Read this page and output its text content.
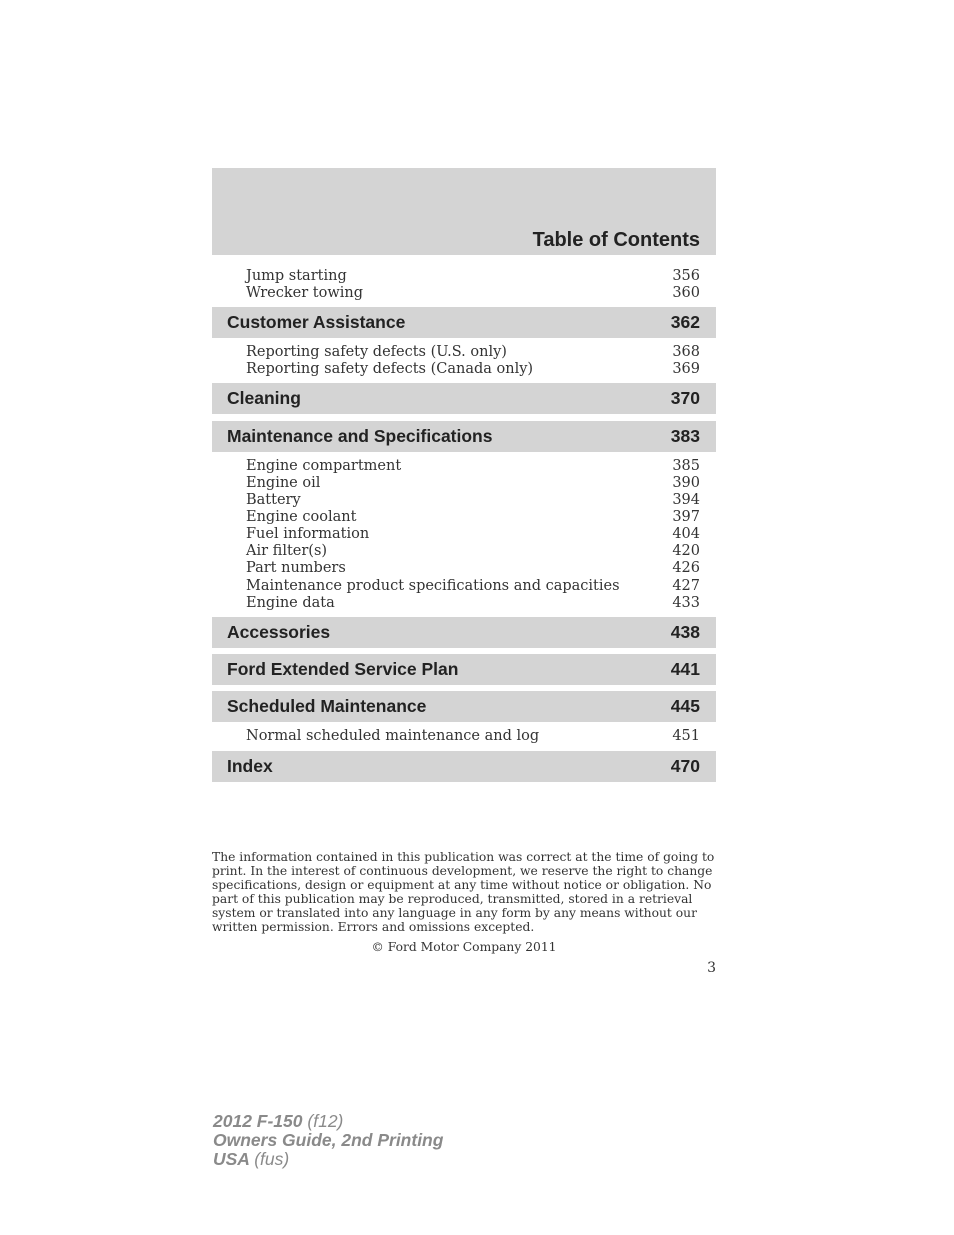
Table of Contents
Jump starting	356
Wrecker towing	360
Customer Assistance	362
Reporting safety defects (U.S. only)	368
Reporting safety defects (Canada only)	369
Cleaning	370
Maintenance and Specifications	383
Engine compartment	385
Engine oil	390
Battery	394
Engine coolant	397
Fuel information	404
Air filter(s)	420
Part numbers	426
Maintenance product specifications and capacities	427
Engine data	433
Accessories	438
Ford Extended Service Plan	441
Scheduled Maintenance	445
Normal scheduled maintenance and log	451
Index	470
The information contained in this publication was correct at the time of going to
print. In the interest of continuous development, we reserve the right to change
specifications, design or equipment at any time without notice or obligation. No
part of this publication may be reproduced, transmitted, stored in a retrieval
system or translated into any language in any form by any means without our
written permission. Errors and omissions excepted.
© Ford Motor Company 2011
3
2012 F-150 (f12)
Owners Guide, 2nd Printing
USA (fus)
